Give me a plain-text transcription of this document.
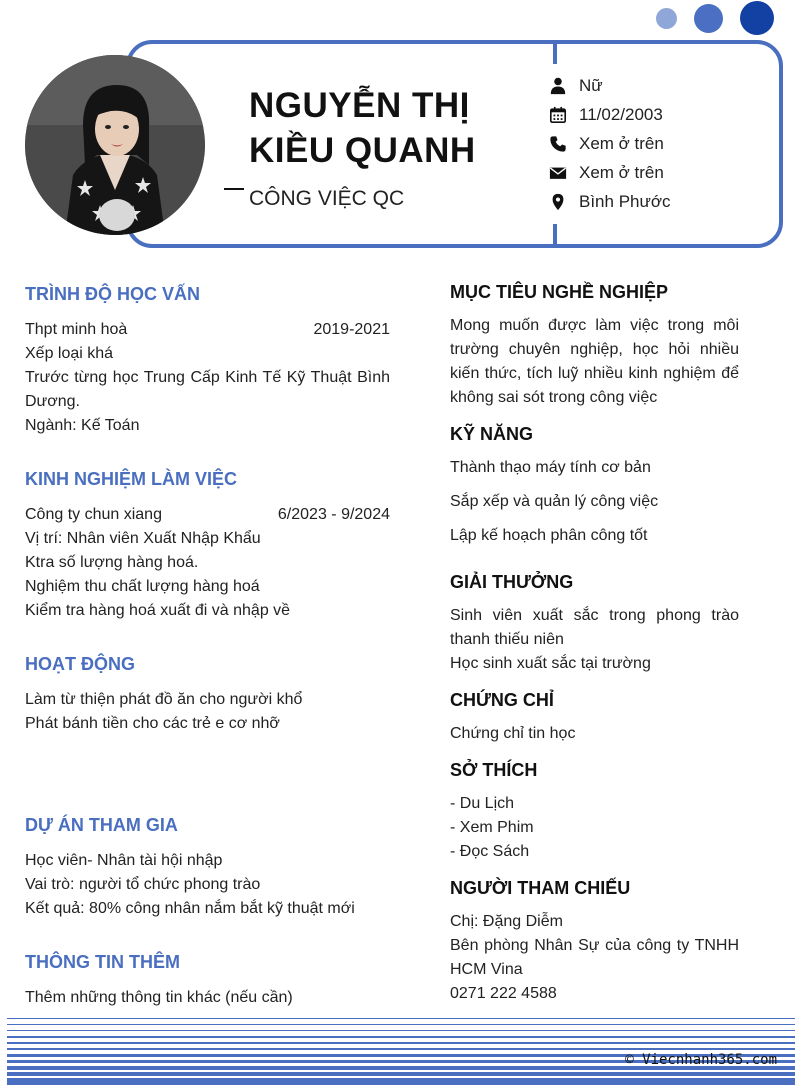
NGUYỄN THỊ
KIỀU QUANH
CÔNG VIỆC QC
Nữ
11/02/2003
Xem ở trên
Xem ở trên
Bình Phước
TRÌNH ĐỘ HỌC VẤN
Thpt minh hoà	2019-2021
Xếp loại khá
Trước từng học Trung Cấp Kinh Tế Kỹ Thuật Bình Dương.
Ngành: Kế Toán
KINH NGHIỆM LÀM VIỆC
Công ty chun xiang	6/2023 - 9/2024
Vị trí: Nhân viên Xuất Nhập Khẩu
Ktra số lượng hàng hoá.
Nghiệm thu chất lượng hàng hoá
Kiểm tra hàng hoá xuất đi và nhập về
HOẠT ĐỘNG
Làm từ thiện phát đồ ăn cho người khổ
Phát bánh tiền cho các trẻ e cơ nhỡ
DỰ ÁN THAM GIA
Học viên- Nhân tài hội nhập
Vai trò: người tổ chức phong trào
Kết quả: 80% công nhân nắm bắt kỹ thuật mới
THÔNG TIN THÊM
Thêm những thông tin khác (nếu cần)
MỤC TIÊU NGHỀ NGHIỆP
Mong muốn được làm việc trong môi trường chuyên nghiệp, học hỏi nhiều kiến thức, tích luỹ nhiều kinh nghiệm để không sai sót trong công việc
KỸ NĂNG
Thành thạo máy tính cơ bản
Sắp xếp và quản lý công việc
Lập kế hoạch phân công tốt
GIẢI THƯỞNG
Sinh viên xuất sắc trong phong trào thanh thiếu niên
Học sinh xuất sắc tại trường
CHỨNG CHỈ
Chứng chỉ tin học
SỞ THÍCH
- Du Lịch
- Xem Phim
- Đọc Sách
NGƯỜI THAM CHIẾU
Chị: Đặng Diễm
Bên phòng Nhân Sự của công ty TNHH HCM Vina
0271 222 4588
© Viecnhanh365.com
